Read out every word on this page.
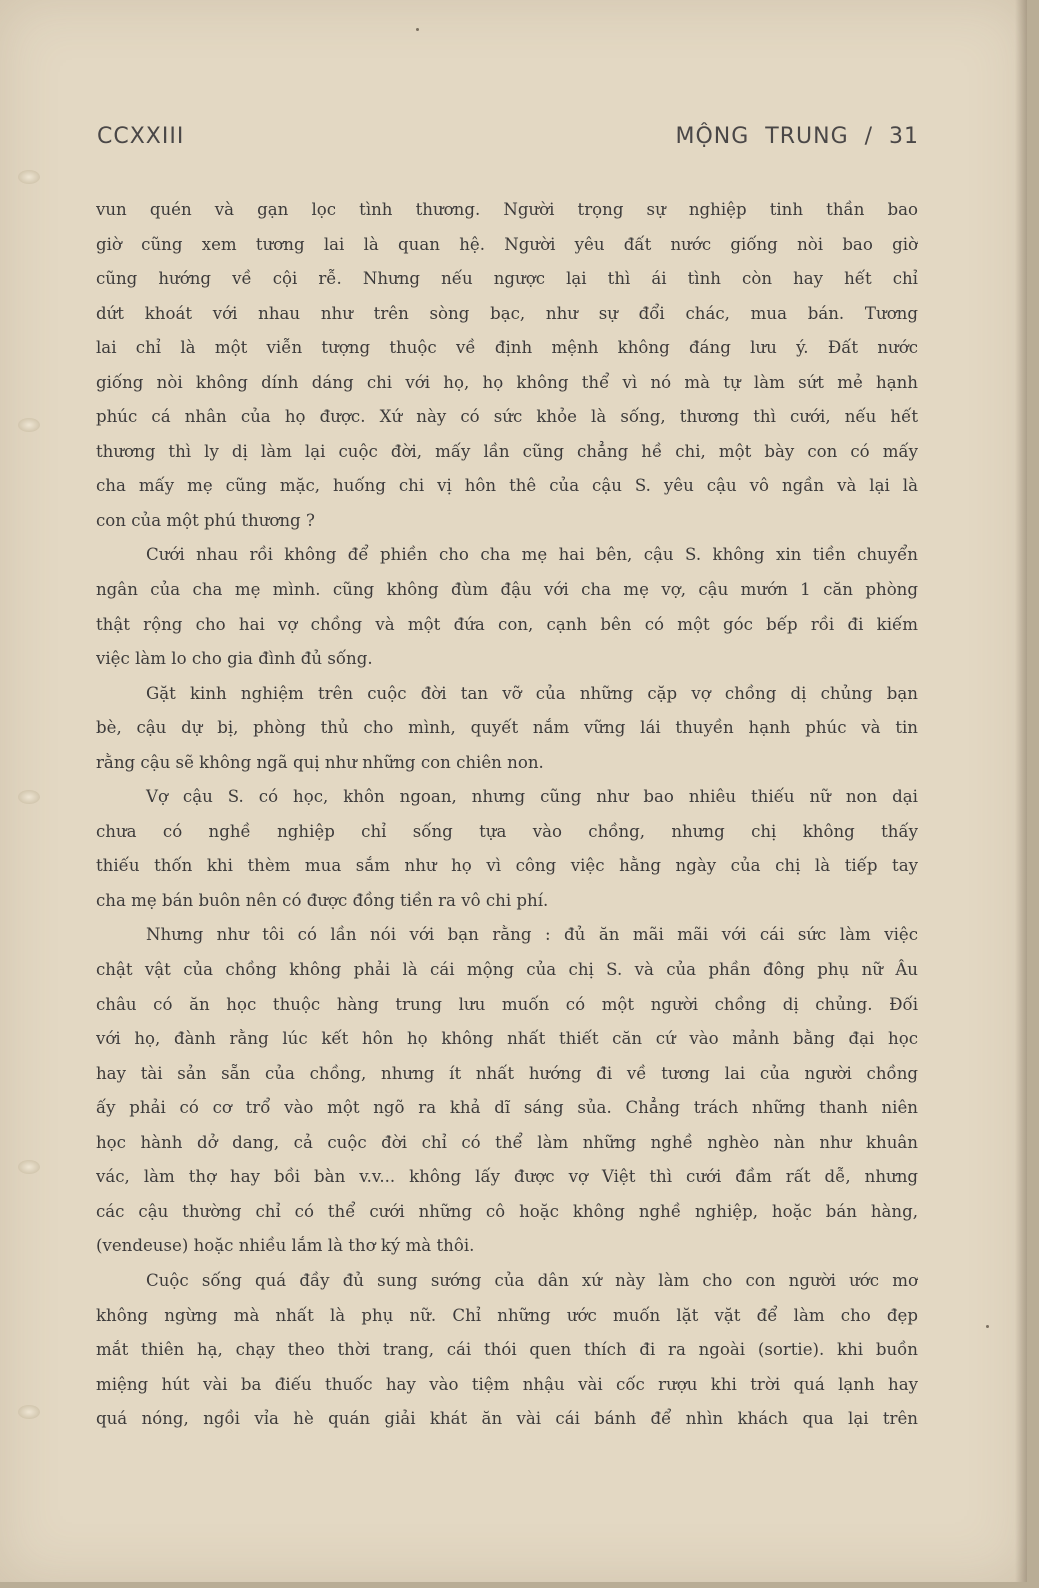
CCXXIII	MỘNG  TRUNG  /  31
vun quén và gạn lọc tình thương. Người trọng sự nghiệp tinh thần bao
giờ cũng xem tương lai là quan hệ. Người yêu đất nước giống nòi bao giờ
cũng hướng về cội rễ. Nhưng nếu ngược lại thì ái tình còn hay hết chỉ
dứt khoát với nhau như trên sòng bạc, như sự đổi chác, mua bán. Tương
lai chỉ là một viễn tượng thuộc về định mệnh không đáng lưu ý. Đất nước
giống nòi không dính dáng chi với họ, họ không thể vì nó mà tự làm sứt mẻ hạnh
phúc cá nhân của họ được. Xứ này có sức khỏe là sống, thương thì cưới, nếu hết
thương thì ly dị làm lại cuộc đời, mấy lần cũng chẳng hề chi, một bày con có mấy
cha mấy mẹ cũng mặc, huống chi vị hôn thê của cậu S. yêu cậu vô ngần và lại là
con của một phú thương ?
Cưới nhau rồi không để phiền cho cha mẹ hai bên, cậu S. không xin tiền chuyển
ngân của cha mẹ mình. cũng không đùm đậu với cha mẹ vợ, cậu mướn 1 căn phòng
thật rộng cho hai vợ chồng và một đứa con, cạnh bên có một góc bếp rồi đi kiếm
việc làm lo cho gia đình đủ sống.
Gặt kinh nghiệm trên cuộc đời tan vỡ của những cặp vợ chồng dị chủng bạn
bè, cậu dự bị, phòng thủ cho mình, quyết nắm vững lái thuyền hạnh phúc và tin
rằng cậu sẽ không ngã quị như những con chiên non.
Vợ cậu S. có học, khôn ngoan, nhưng cũng như bao nhiêu thiếu nữ non dại
chưa có nghề nghiệp chỉ sống tựa vào chồng, nhưng chị không thấy
thiếu thốn khi thèm mua sắm như họ vì công việc hằng ngày của chị là tiếp tay
cha mẹ bán buôn nên có được đồng tiền ra vô chi phí.
Nhưng như tôi có lần nói với bạn rằng : đủ ăn mãi mãi với cái sức làm việc
chật vật của chồng không phải là cái mộng của chị S. và của phần đông phụ nữ Âu
châu có ăn học thuộc hàng trung lưu muốn có một người chồng dị chủng. Đối
với họ, đành rằng lúc kết hôn họ không nhất thiết căn cứ vào mảnh bằng đại học
hay tài sản sẵn của chồng, nhưng ít nhất hướng đi về tương lai của người chồng
ấy phải có cơ trổ vào một ngõ ra khả dĩ sáng sủa. Chẳng trách những thanh niên
học hành dở dang, cả cuộc đời chỉ có thể làm những nghề nghèo nàn như khuân
vác, làm thợ hay bồi bàn v.v... không lấy được vợ Việt thì cưới đầm rất dễ, nhưng
các cậu thường chỉ có thể cưới những cô hoặc không nghề nghiệp, hoặc bán hàng,
(vendeuse) hoặc nhiều lắm là thơ ký mà thôi.
Cuộc sống quá đầy đủ sung sướng của dân xứ này làm cho con người ước mơ
không ngừng mà nhất là phụ nữ. Chỉ những ước muốn lặt vặt để làm cho đẹp
mắt thiên hạ, chạy theo thời trang, cái thói quen thích đi ra ngoài (sortie). khi buồn
miệng hút vài ba điếu thuốc hay vào tiệm nhậu vài cốc rượu khi trời quá lạnh hay
quá nóng, ngồi vỉa hè quán giải khát ăn vài cái bánh để nhìn khách qua lại trên
